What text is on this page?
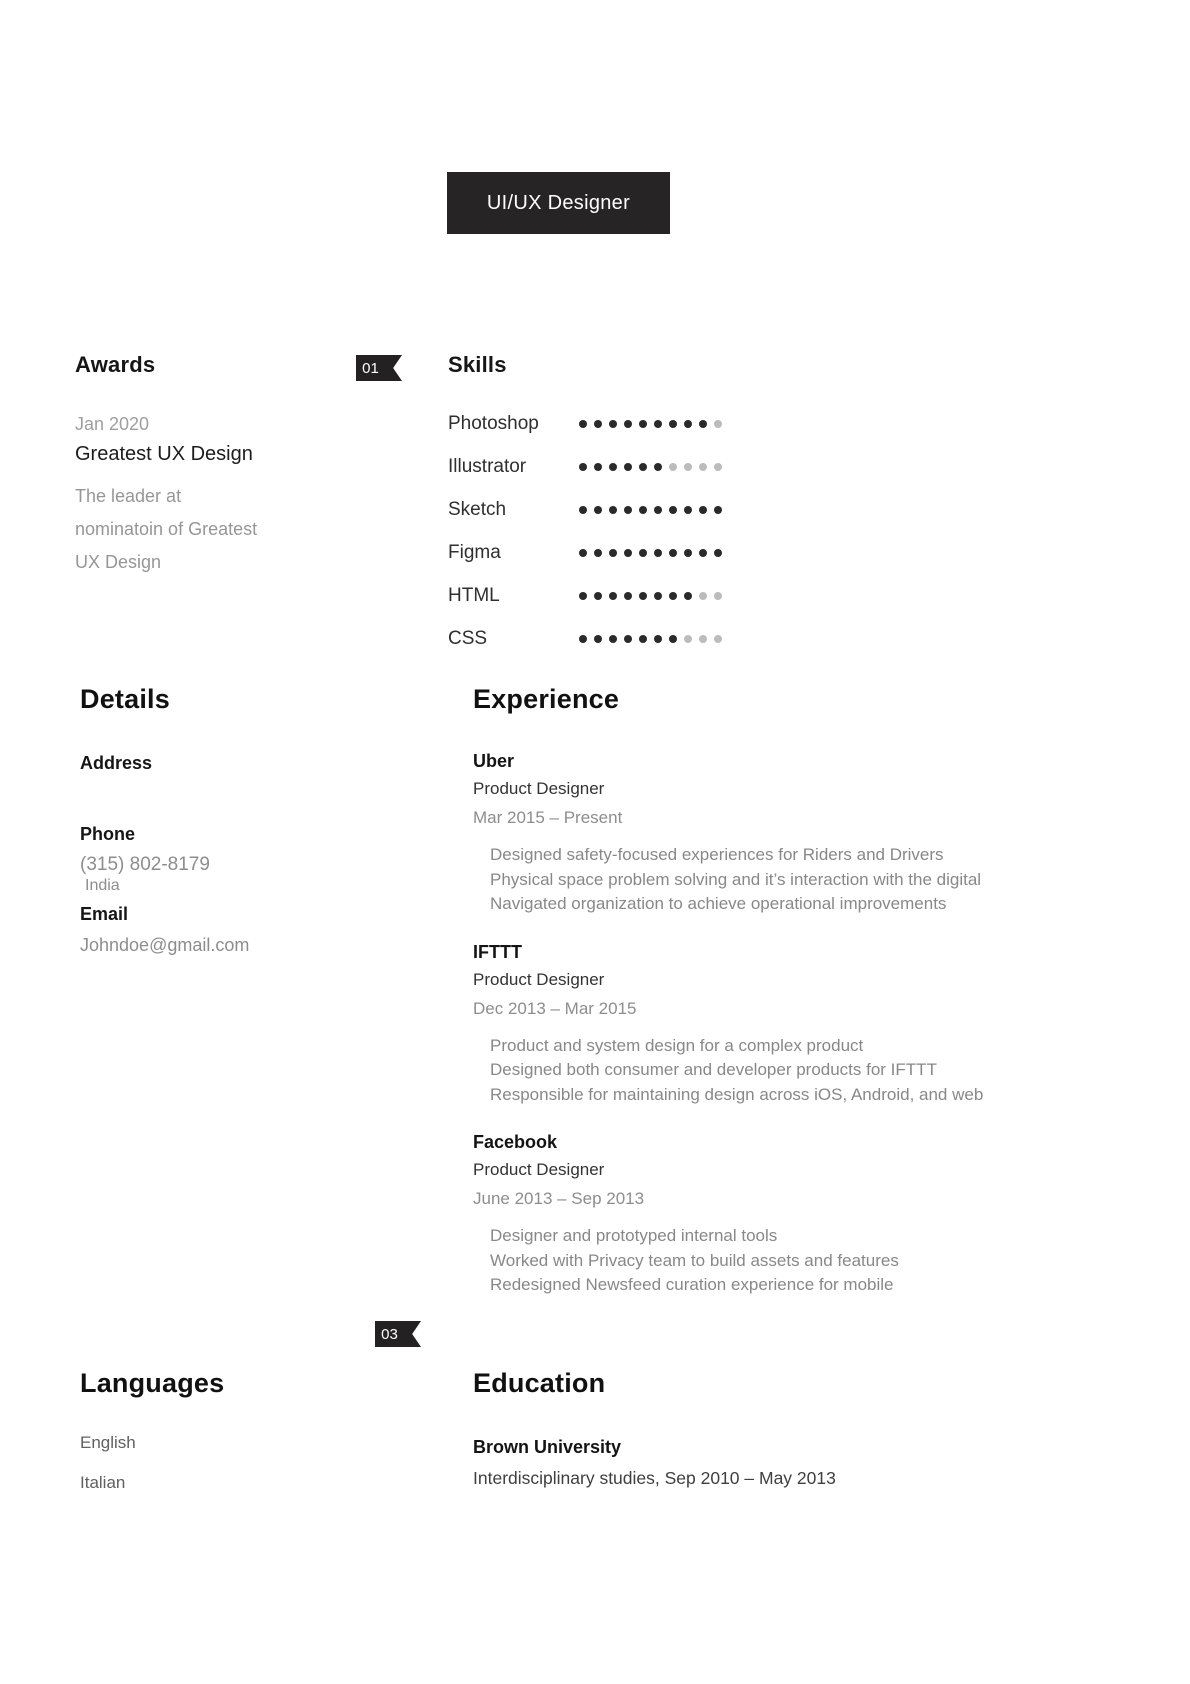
UI/UX Designer
01
Awards
Jan 2020
Greatest UX Design
The leader at
nominatoin of Greatest
UX Design
Skills
Photoshop
Illustrator
Sketch
Figma
HTML
CSS
Details
Address
Phone
(315) 802-8179
India
Email
Johndoe@gmail.com
Experience
Uber
Product Designer
Mar 2015 – Present
Designed safety-focused experiences for Riders and Drivers
Physical space problem solving and it’s interaction with the digital
Navigated organization to achieve operational improvements
IFTTT
Product Designer
Dec 2013 – Mar 2015
Product and system design for a complex product
Designed both consumer and developer products for IFTTT
Responsible for maintaining design across iOS, Android, and web
Facebook
Product Designer
June 2013 – Sep 2013
Designer and prototyped internal tools
Worked with Privacy team to build assets and features
Redesigned Newsfeed curation experience for mobile
03
Languages
English
Italian
Education
Brown University
Interdisciplinary studies, Sep 2010 – May 2013
